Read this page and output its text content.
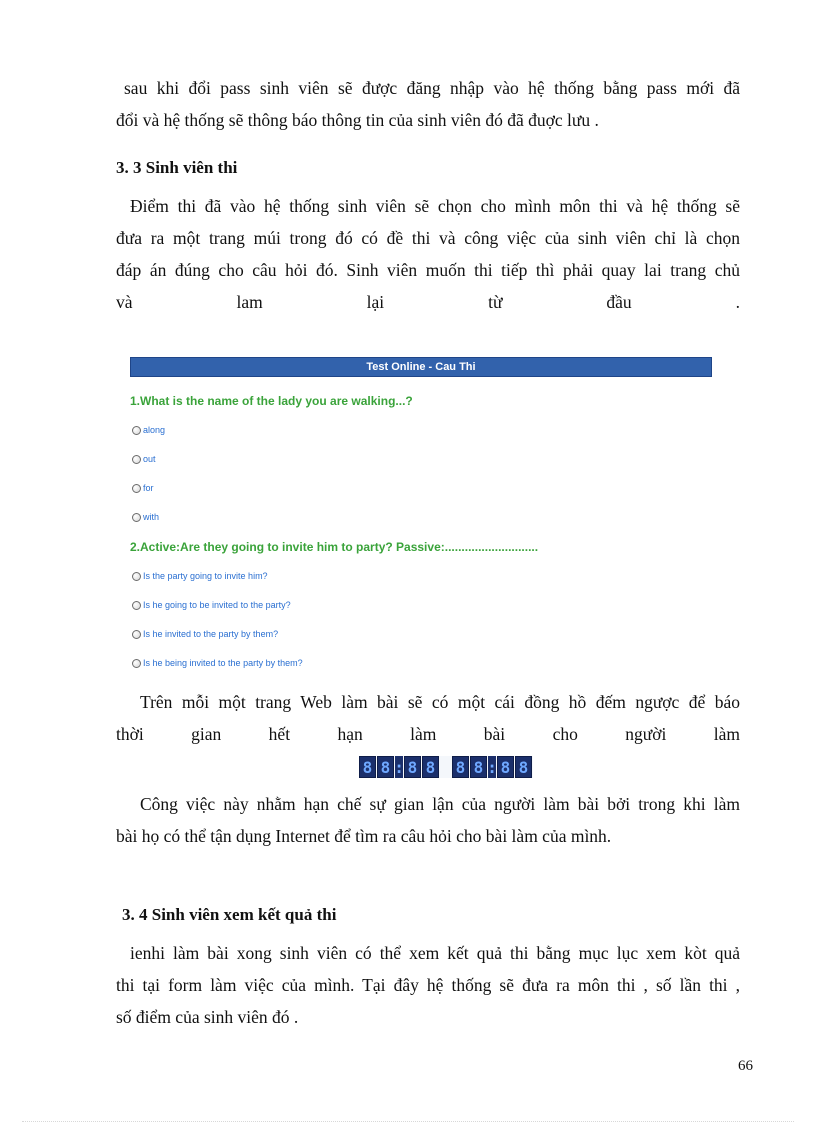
sau khi đổi pass sinh viên sẽ được đăng nhập vào hệ thống bằng pass mới đã

đổi và hệ thống sẽ thông báo thông tin của sinh viên đó đã đuợc lưu .

3. 3 Sinh viên thi

Điểm thi đã vào hệ thống sinh viên sẽ chọn cho mình môn thi và hệ thống sẽ

đưa ra một trang múi trong đó có đề thi và công việc của sinh viên chỉ là chọn

đáp án đúng cho câu hỏi đó. Sinh viên muốn thi tiếp thì phải quay lai trang chủ

và lam lại từ đầu .

Test Online - Cau Thi
1.What is the name of the lady you are walking...?
along
out
for
with
2.Active:Are they going to invite him to party? Passive:............................
Is the party going to invite him?
Is he going to be invited to the party?
Is he invited to the party by them?
Is he being invited to the party by them?

Trên mỗi một trang Web làm bài sẽ có một cái đồng hồ đếm ngược để báo

thời gian hết hạn làm bài cho người làm

8 8 : 8 8 8 8 : 8 8

Công việc này nhằm hạn chế sự gian lận của người làm bài bởi trong khi làm

bài họ có thể tận dụng Internet để tìm ra câu hỏi cho bài làm của mình.

3. 4 Sinh viên xem kết quả thi

ienhi làm bài xong sinh viên có thể xem kết quả thi bằng mục lục xem kòt quả

thi tại form làm việc của mình. Tại đây hệ thống sẽ đưa ra môn thi , số lần thi ,

số điểm của sinh viên đó .

66
